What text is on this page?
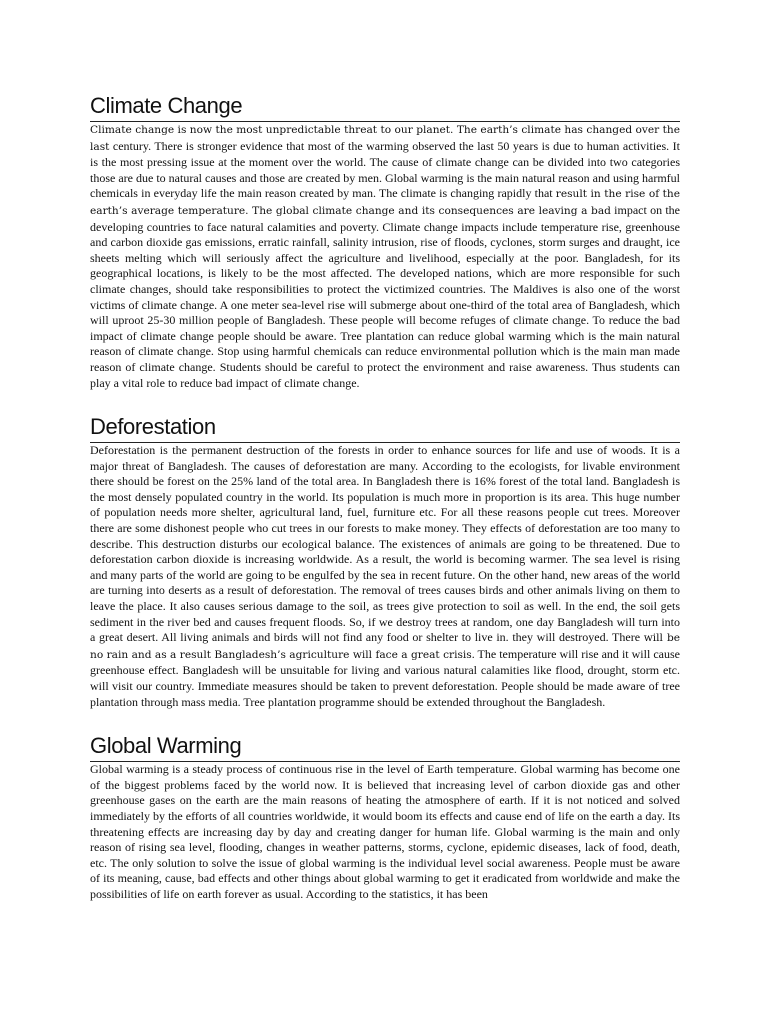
Climate Change

Climate change is now the most unpredictable threat to our planet. The earth’s climate has changed over the last century. There is stronger evidence that most of the warming observed the last 50 years is due to human activities. It is the most pressing issue at the moment over the world. The cause of climate change can be divided into two categories those are due to natural causes and those are created by men. Global warming is the main natural reason and using harmful chemicals in everyday life the main reason created by man. The climate is changing rapidly that result in the rise of the earth’s average temperature. The global climate change and its consequences are leaving a bad impact on the developing countries to face natural calamities and poverty. Climate change impacts include temperature rise, greenhouse and carbon dioxide gas emissions, erratic rainfall, salinity intrusion, rise of floods, cyclones, storm surges and draught, ice sheets melting which will seriously affect the agriculture and livelihood, especially at the poor. Bangladesh, for its geographical locations, is likely to be the most affected. The developed nations, which are more responsible for such climate changes, should take responsibilities to protect the victimized countries. The Maldives is also one of the worst victims of climate change. A one meter sea-level rise will submerge about one-third of the total area of Bangladesh, which will uproot 25-30 million people of Bangladesh. These people will become refuges of climate change. To reduce the bad impact of climate change people should be aware. Tree plantation can reduce global warming which is the main natural reason of climate change. Stop using harmful chemicals can reduce environmental pollution which is the main man made reason of climate change. Students should be careful to protect the environment and raise awareness. Thus students can play a vital role to reduce bad impact of climate change.

Deforestation

Deforestation is the permanent destruction of the forests in order to enhance sources for life and use of woods. It is a major threat of Bangladesh. The causes of deforestation are many. According to the ecologists, for livable environment there should be forest on the 25% land of the total area. In Bangladesh there is 16% forest of the total land. Bangladesh is the most densely populated country in the world. Its population is much more in proportion is its area. This huge number of population needs more shelter, agricultural land, fuel, furniture etc. For all these reasons people cut trees. Moreover there are some dishonest people who cut trees in our forests to make money. They effects of deforestation are too many to describe. This destruction disturbs our ecological balance. The existences of animals are going to be threatened. Due to deforestation carbon dioxide is increasing worldwide. As a result, the world is becoming warmer. The sea level is rising and many parts of the world are going to be engulfed by the sea in recent future. On the other hand, new areas of the world are turning into deserts as a result of deforestation. The removal of trees causes birds and other animals living on them to leave the place. It also causes serious damage to the soil, as trees give protection to soil as well. In the end, the soil gets sediment in the river bed and causes frequent floods. So, if we destroy trees at random, one day Bangladesh will turn into a great desert. All living animals and birds will not find any food or shelter to live in. they will destroyed. There will be no rain and as a result Bangladesh’s agriculture will face a great crisis. The temperature will rise and it will cause greenhouse effect. Bangladesh will be unsuitable for living and various natural calamities like flood, drought, storm etc. will visit our country. Immediate measures should be taken to prevent deforestation. People should be made aware of tree plantation through mass media. Tree plantation programme should be extended throughout the Bangladesh.

Global Warming

Global warming is a steady process of continuous rise in the level of Earth temperature. Global warming has become one of the biggest problems faced by the world now. It is believed that increasing level of carbon dioxide gas and other greenhouse gases on the earth are the main reasons of heating the atmosphere of earth. If it is not noticed and solved immediately by the efforts of all countries worldwide, it would boom its effects and cause end of life on the earth a day. Its threatening effects are increasing day by day and creating danger for human life. Global warming is the main and only reason of rising sea level, flooding, changes in weather patterns, storms, cyclone, epidemic diseases, lack of food, death, etc. The only solution to solve the issue of global warming is the individual level social awareness. People must be aware of its meaning, cause, bad effects and other things about global warming to get it eradicated from worldwide and make the possibilities of life on earth forever as usual. According to the statistics, it has been
